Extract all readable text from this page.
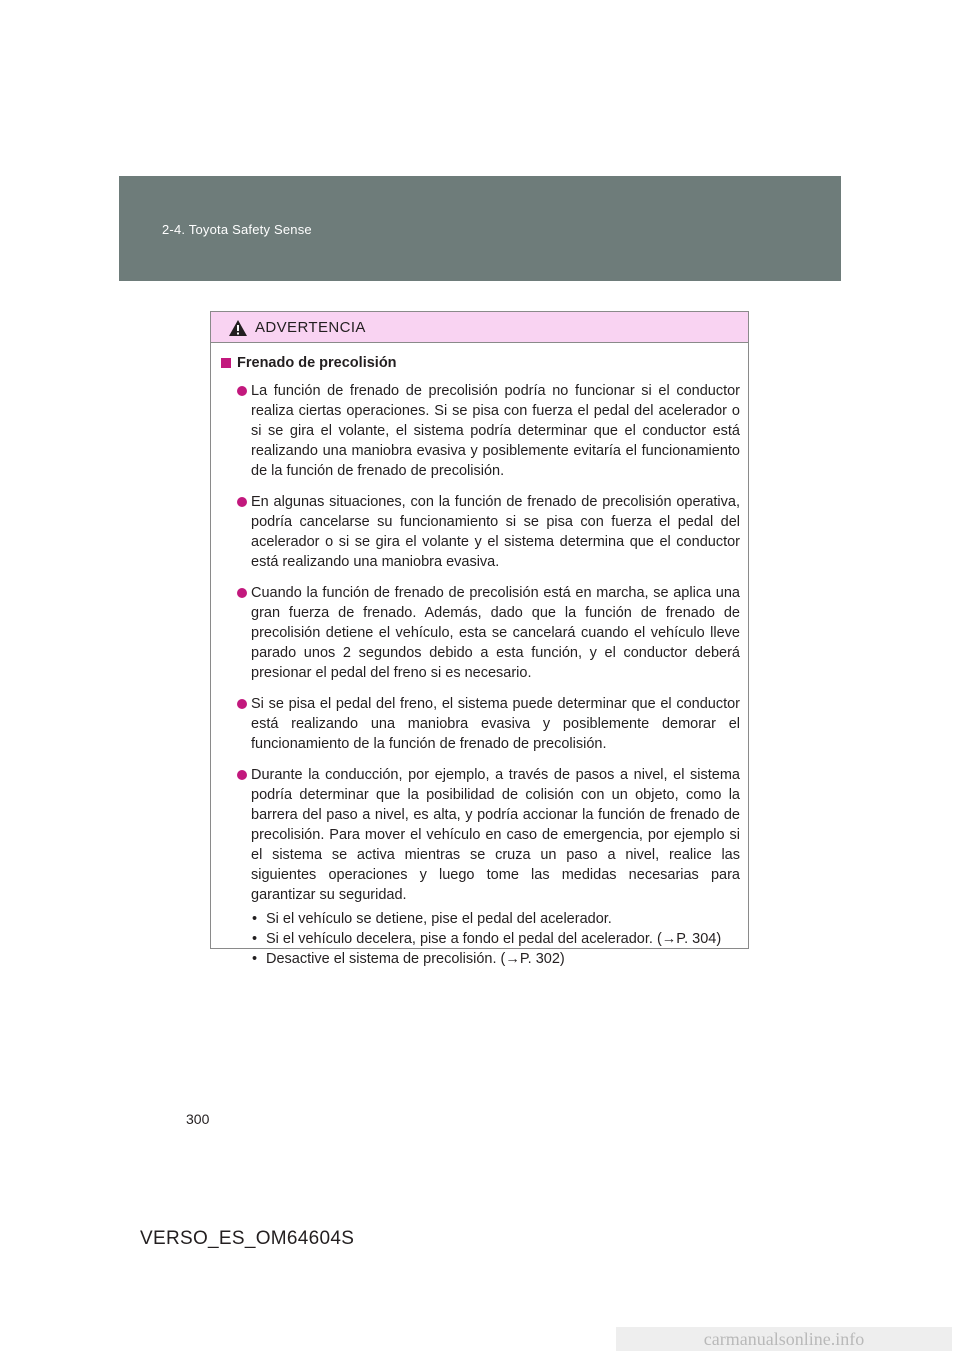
2-4. Toyota Safety Sense
ADVERTENCIA
Frenado de precolisión
La función de frenado de precolisión podría no funcionar si el conductor realiza ciertas operaciones. Si se pisa con fuerza el pedal del acelerador o si se gira el volante, el sistema podría determinar que el conductor está realizando una maniobra evasiva y posiblemente evitaría el funcionamiento de la función de frenado de precolisión.
En algunas situaciones, con la función de frenado de precolisión operativa, podría cancelarse su funcionamiento si se pisa con fuerza el pedal del acelerador o si se gira el volante y el sistema determina que el conductor está realizando una maniobra evasiva.
Cuando la función de frenado de precolisión está en marcha, se aplica una gran fuerza de frenado. Además, dado que la función de frenado de precolisión detiene el vehículo, esta se cancelará cuando el vehículo lleve parado unos 2 segundos debido a esta función, y el conductor deberá presionar el pedal del freno si es necesario.
Si se pisa el pedal del freno, el sistema puede determinar que el conductor está realizando una maniobra evasiva y posiblemente demorar el funcionamiento de la función de frenado de precolisión.
Durante la conducción, por ejemplo, a través de pasos a nivel, el sistema podría determinar que la posibilidad de colisión con un objeto, como la barrera del paso a nivel, es alta, y podría accionar la función de frenado de precolisión. Para mover el vehículo en caso de emergencia, por ejemplo si el sistema se activa mientras se cruza un paso a nivel, realice las siguientes operaciones y luego tome las medidas necesarias para garantizar su seguridad.
• Si el vehículo se detiene, pise el pedal del acelerador.
• Si el vehículo decelera, pise a fondo el pedal del acelerador. (→P. 304)
• Desactive el sistema de precolisión. (→P. 302)
300
VERSO_ES_OM64604S
carmanualsonline.info
